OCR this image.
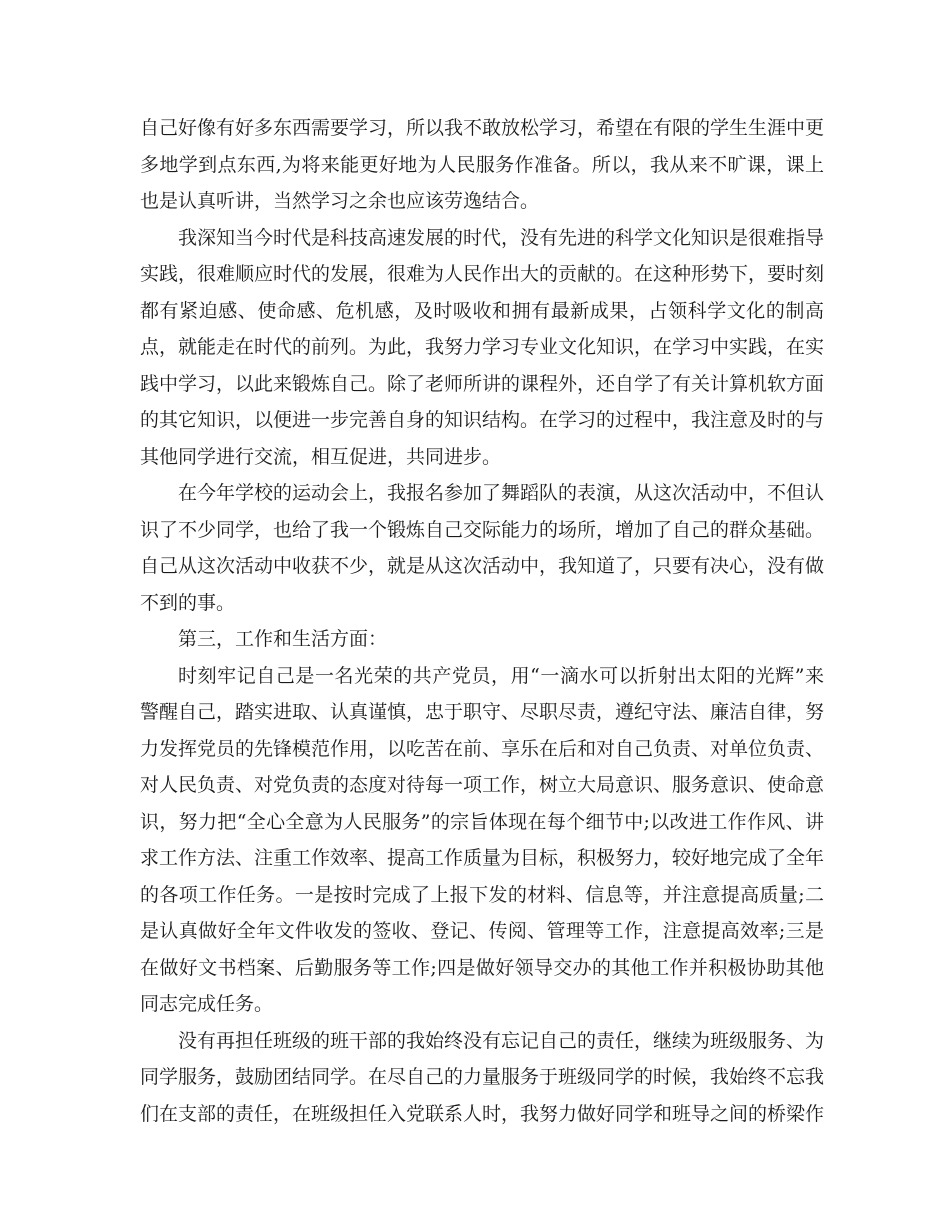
自己好像有好多东西需要学习，所以我不敢放松学习，希望在有限的学生生涯中更多地学到点东西,为将来能更好地为人民服务作准备。所以，我从来不旷课，课上也是认真听讲，当然学习之余也应该劳逸结合。

我深知当今时代是科技高速发展的时代，没有先进的科学文化知识是很难指导实践，很难顺应时代的发展，很难为人民作出大的贡献的。在这种形势下，要时刻都有紧迫感、使命感、危机感，及时吸收和拥有最新成果，占领科学文化的制高点，就能走在时代的前列。为此，我努力学习专业文化知识，在学习中实践，在实践中学习，以此来锻炼自己。除了老师所讲的课程外，还自学了有关计算机软方面的其它知识，以便进一步完善自身的知识结构。在学习的过程中，我注意及时的与其他同学进行交流，相互促进，共同进步。

在今年学校的运动会上，我报名参加了舞蹈队的表演，从这次活动中，不但认识了不少同学，也给了我一个锻炼自己交际能力的场所，增加了自己的群众基础。自己从这次活动中收获不少，就是从这次活动中，我知道了，只要有决心，没有做不到的事。

第三，工作和生活方面：

时刻牢记自己是一名光荣的共产党员，用“一滴水可以折射出太阳的光辉”来警醒自己，踏实进取、认真谨慎，忠于职守、尽职尽责，遵纪守法、廉洁自律，努力发挥党员的先锋模范作用，以吃苦在前、享乐在后和对自己负责、对单位负责、对人民负责、对党负责的态度对待每一项工作，树立大局意识、服务意识、使命意识，努力把“全心全意为人民服务”的宗旨体现在每个细节中;以改进工作作风、讲求工作方法、注重工作效率、提高工作质量为目标，积极努力，较好地完成了全年的各项工作任务。一是按时完成了上报下发的材料、信息等，并注意提高质量;二是认真做好全年文件收发的签收、登记、传阅、管理等工作，注意提高效率;三是在做好文书档案、后勤服务等工作;四是做好领导交办的其他工作并积极协助其他同志完成任务。

没有再担任班级的班干部的我始终没有忘记自己的责任，继续为班级服务、为同学服务，鼓励团结同学。在尽自己的力量服务于班级同学的时候，我始终不忘我们在支部的责任，在班级担任入党联系人时，我努力做好同学和班导之间的桥梁作
